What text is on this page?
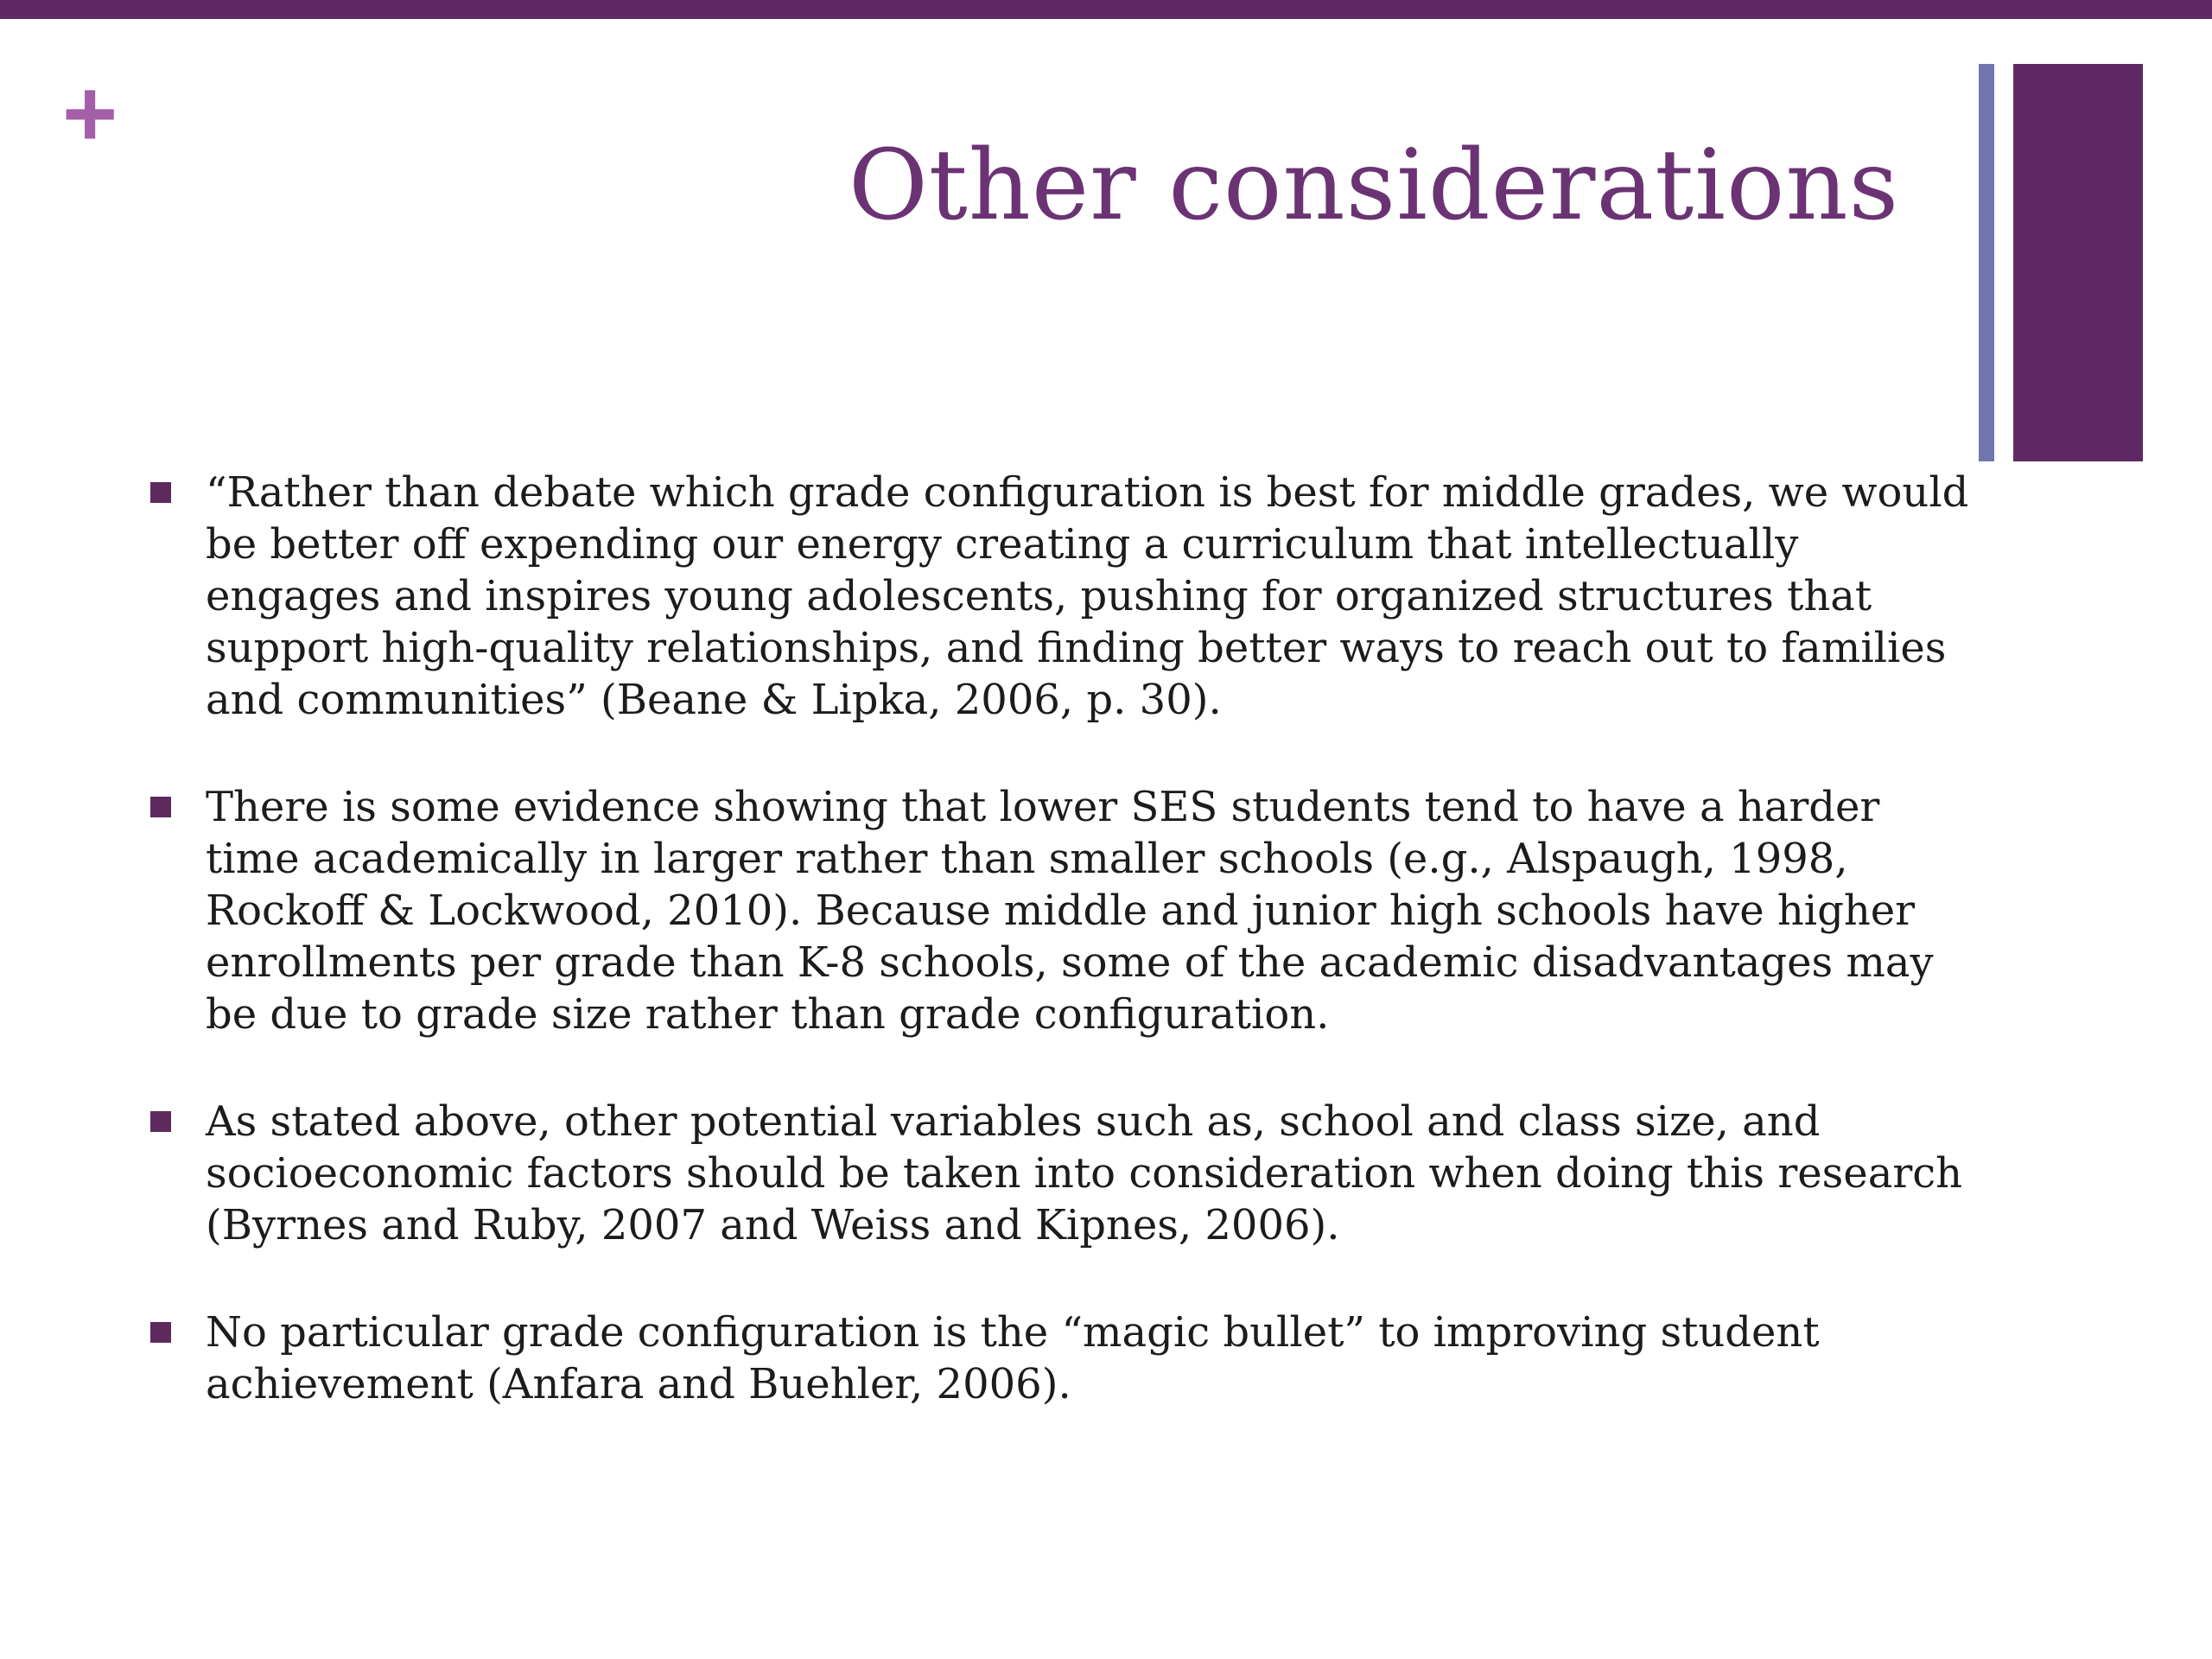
+
Other considerations
“Rather than debate which grade configuration is best for middle grades, we would be better off expending our energy creating a curriculum that intellectually engages and inspires young adolescents, pushing for organized structures that support high-quality relationships, and finding better ways to reach out to families and communities” (Beane & Lipka, 2006, p. 30).
There is some evidence showing that lower SES students tend to have a harder time academically in larger rather than smaller schools (e.g., Alspaugh, 1998, Rockoff & Lockwood, 2010). Because middle and junior high schools have higher enrollments per grade than K-8 schools, some of the academic disadvantages may be due to grade size rather than grade configuration.
As stated above, other potential variables such as, school and class size, and socioeconomic factors should be taken into consideration when doing this research (Byrnes and Ruby, 2007 and Weiss and Kipnes, 2006).
No particular grade configuration is the “magic bullet” to improving student achievement (Anfara and Buehler, 2006).
